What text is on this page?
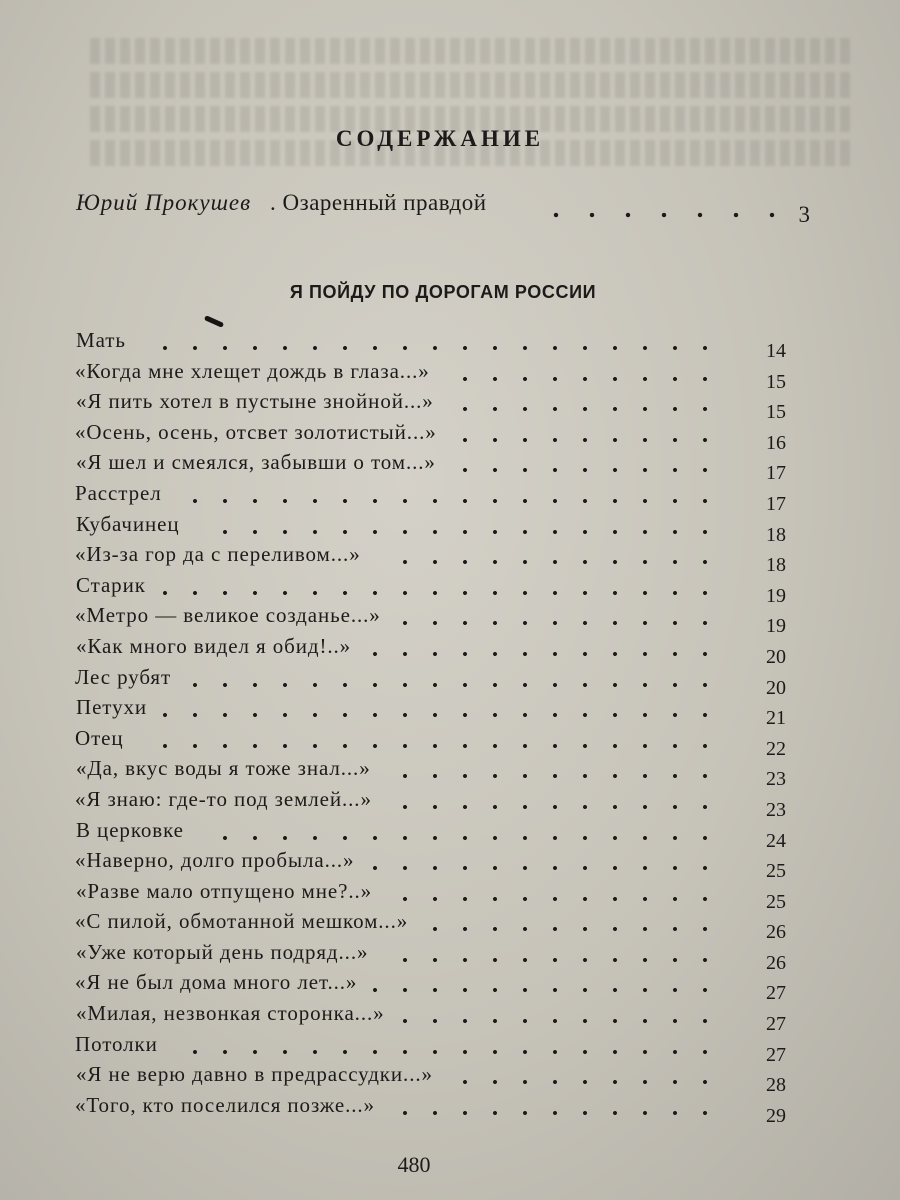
СОДЕРЖАНИЕ
Юрий Прокушев . Озаренный правдой	3
Я ПОЙДУ ПО ДОРОГАМ РОССИИ
Мать	14
«Когда мне хлещет дождь в глаза...»	15
«Я пить хотел в пустыне знойной...»	15
«Осень, осень, отсвет золотистый...»	16
«Я шел и смеялся, забывши о том...»	17
Расстрел	17
Кубачинец	18
«Из-за гор да с переливом...»	18
Старик	19
«Метро — великое созданье...»	19
«Как много видел я обид!..»	20
Лес рубят	20
Петухи	21
Отец	22
«Да, вкус воды я тоже знал...»	23
«Я знаю: где-то под землей...»	23
В церковке	24
«Наверно, долго пробыла...»	25
«Разве мало отпущено мне?..»	25
«С пилой, обмотанной мешком...»	26
«Уже который день подряд...»	26
«Я не был дома много лет...»	27
«Милая, незвонкая сторонка...»	27
Потолки	27
«Я не верю давно в предрассудки...»	28
«Того, кто поселился позже...»	29
480
